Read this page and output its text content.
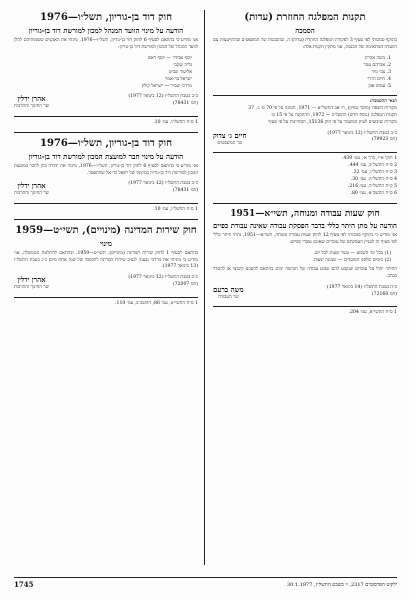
תקנות המפלגה החוזרת (עדות)
הסמכה

בתוקף סמכותי לפי סעיף 3 לפקודת המפלגה החוזרת (עדות) ה, ובהסכמת שר המשפטים ובהתייעצות עם הוועדה המתאימה של הכנסת, אני מתקין תקנות אלה:

1. משה אהרון
2. אברהם עמר
3. צבי מור
4. חיים הררי
5. עמוס אבן
תנאי ההסמכה:
מקורות השפה (מוסד שוויון), ח׳ אב התשל״א — 1971, הזמנה על פי 70 ס׳ ג׳, 37
תקנות המפלגה (נוסח חדש) התשל״ב — 1972, ההתקנה על פי 15 ס׳
מקורות שיבוצים לעיון המשמר על פי חוק 15136, הסתייגות על פי סעיף
כ״ב בטבת התשל״ז (12 בינואר 1977)
(חמ 79923)
חיים ג׳ צדוק
שר המשפטים
1 חוקי א״י, כרך א׳, עמ׳ 439.
2 ס״ח התשל״ב, עמ׳ 444.
3 ס״ח התשל״ו, עמ׳ 32.
4 ס״ח התשל״ה, עמ׳ 30.
5 ק״ת התשל״ה, עמ׳ 216.
6 ס״ח התשכ״א, עמ׳ 80.
חוק שעות עבודה ומנוחה, תשי״א—1951
הודעה על מתן היתר כללי בדבר הפסקת עבודה שאינה עבודת כפיים

אני מודיע כי בתוקף סמכותי לפי סעיף 12 לחוק שעות עבודה ומנוחה, תשי״א—1951, נתתי היתר כללי לפי סעיף זה לעניין העסקתם של עובדים שאינם עובדי כפיים:

(1) בכל ימי השבוע — עשר שעות לכל יום.
(2) בימים שלפני המועדים — שמונה שעות.

ההיתר יחול על עובדים שנקבע להם שבוע עבודה של חמישה ימים בהתאם להסכם קיבוצי או להסדר בכתב.

כ״ה בטבת התשל״ז (14 בינואר 1977)
(חמ 72160)
משה ברעם
שר העבודה
1 ס״ח התשי״א, עמ׳ 204.
חוק דוד בן-גוריון, תשל״ו—1976
הודעה על מינוי הוועד המנהל למכון למורשת דוד בן-גוריון

אני מודיע כי בהתאם לסעיף 6 לחוק דוד בן-גוריון, תשל״ו—1976, מינתי את האנשים ששמותיהם להלן לוועד המנהל של המכון למורשת דוד בן-גוריון:

יוסף אבידר — יוסף ראש
גליה יעקבי
אליעזר שביט
ישראל בר-אמוי
מרדכי שמיר — ישראל קולק
כ״ב בטבת התשל״ז (12 בינואר 1977)
(חמ 78431)
אהרן ידלין
שר החינוך והתרבות
1 ס״ח התשל״ו, עמ׳ 10.
חוק דוד בן-גוריון, תשל״ו—1976
הודעה על מינוי חבר למועצת המכון למורשת דוד בן-גוריון

אני מודיע כי בהתאם לסעיף 6 לחוק דוד בן-גוריון, תשל״ו—1976, מינתי את יהודה כהן לחבר במועצת המכון למורשת דוד בן-גוריון במקומו של רפאל בר-אל שהתפטר.

כ״ב בטבת התשל״ז (12 בינואר 1977)
(חמ 78431)
אהרן ידלין
שר החינוך והתרבות
1 ס״ח התשל״ו, עמ׳ 10.
חוק שירות המדינה (מינויים), תשי״ט—1959
מינוי

בהתאם לסעיף 1 לחוק שירות המדינה (מינויים), תשי״ט—1959, ובהתאם להחלטת הממשלה, אני מודיע כי מיניתי את מרדכי גבעוני לנציב שירות המדינה לתקופה של שנה אחת מיום כ״ג בטבת התשל״ז (13 בינואר 1977).

כ״ב בטבת התשל״ז (12 בינואר 1977)
(חמ 72007)
אהרן ידלין
שר החינוך והתרבות
1 ס״ח התשי״ט, עמ׳ 86; התשכ״ב, עמ׳ 110.
ילקוט הפרסומים 2317, ז׳ בשבט התשל״ז, 30.1.1977
1745
